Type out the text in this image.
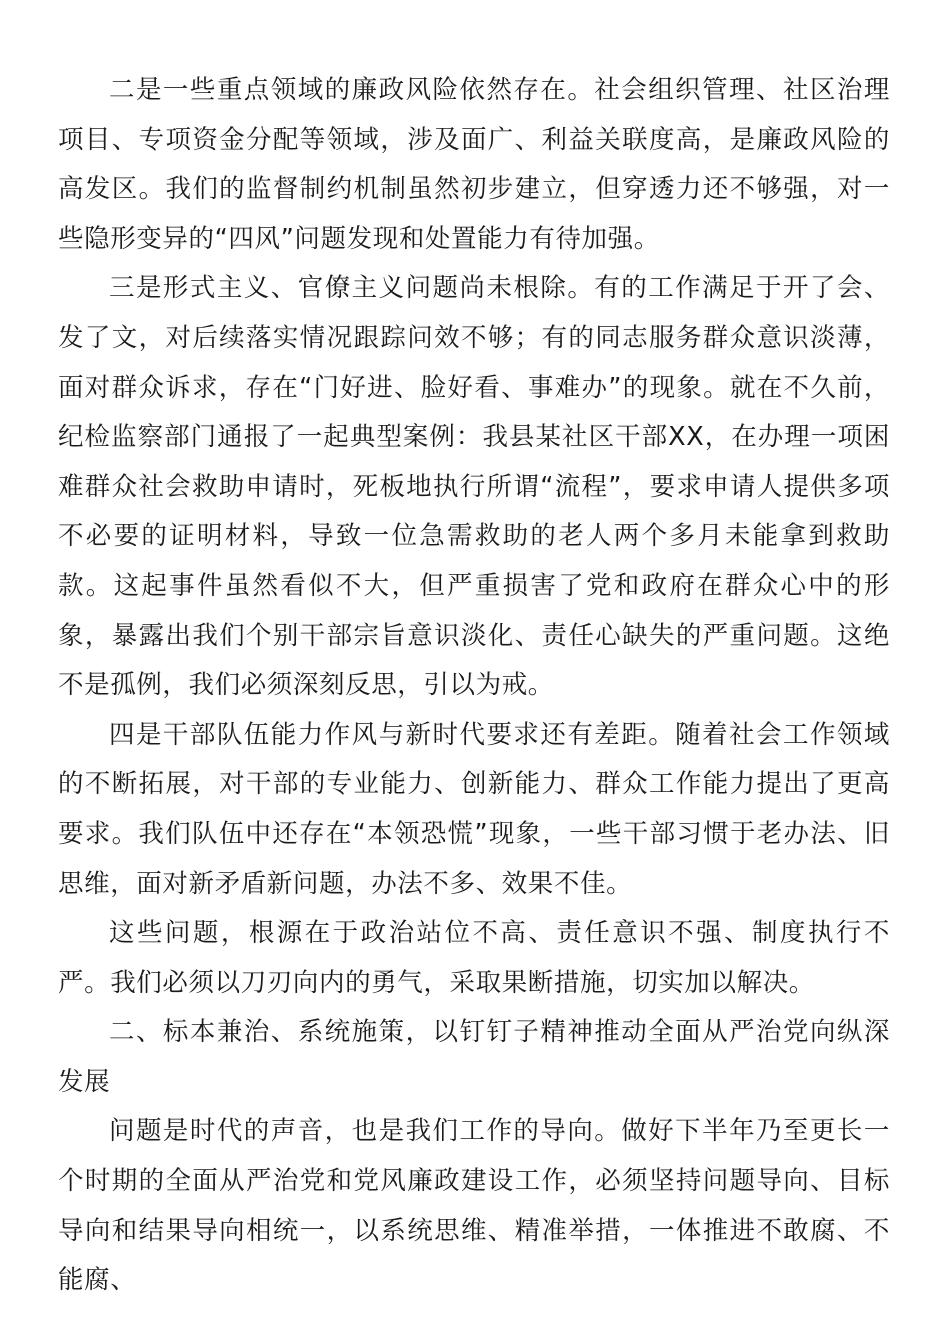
二是一些重点领域的廉政风险依然存在。社会组织管理、社区治理项目、专项资金分配等领域，涉及面广、利益关联度高，是廉政风险的高发区。我们的监督制约机制虽然初步建立，但穿透力还不够强，对一些隐形变异的“四风”问题发现和处置能力有待加强。

三是形式主义、官僚主义问题尚未根除。有的工作满足于开了会、发了文，对后续落实情况跟踪问效不够；有的同志服务群众意识淡薄，面对群众诉求，存在“门好进、脸好看、事难办”的现象。就在不久前，纪检监察部门通报了一起典型案例：我县某社区干部XX，在办理一项困难群众社会救助申请时，死板地执行所谓“流程”，要求申请人提供多项不必要的证明材料，导致一位急需救助的老人两个多月未能拿到救助款。这起事件虽然看似不大，但严重损害了党和政府在群众心中的形象，暴露出我们个别干部宗旨意识淡化、责任心缺失的严重问题。这绝不是孤例，我们必须深刻反思，引以为戒。

四是干部队伍能力作风与新时代要求还有差距。随着社会工作领域的不断拓展，对干部的专业能力、创新能力、群众工作能力提出了更高要求。我们队伍中还存在“本领恐慌”现象，一些干部习惯于老办法、旧思维，面对新矛盾新问题，办法不多、效果不佳。

这些问题，根源在于政治站位不高、责任意识不强、制度执行不严。我们必须以刀刃向内的勇气，采取果断措施，切实加以解决。

二、标本兼治、系统施策，以钉钉子精神推动全面从严治党向纵深发展

问题是时代的声音，也是我们工作的导向。做好下半年乃至更长一个时期的全面从严治党和党风廉政建设工作，必须坚持问题导向、目标导向和结果导向相统一，以系统思维、精准举措，一体推进不敢腐、不能腐、
